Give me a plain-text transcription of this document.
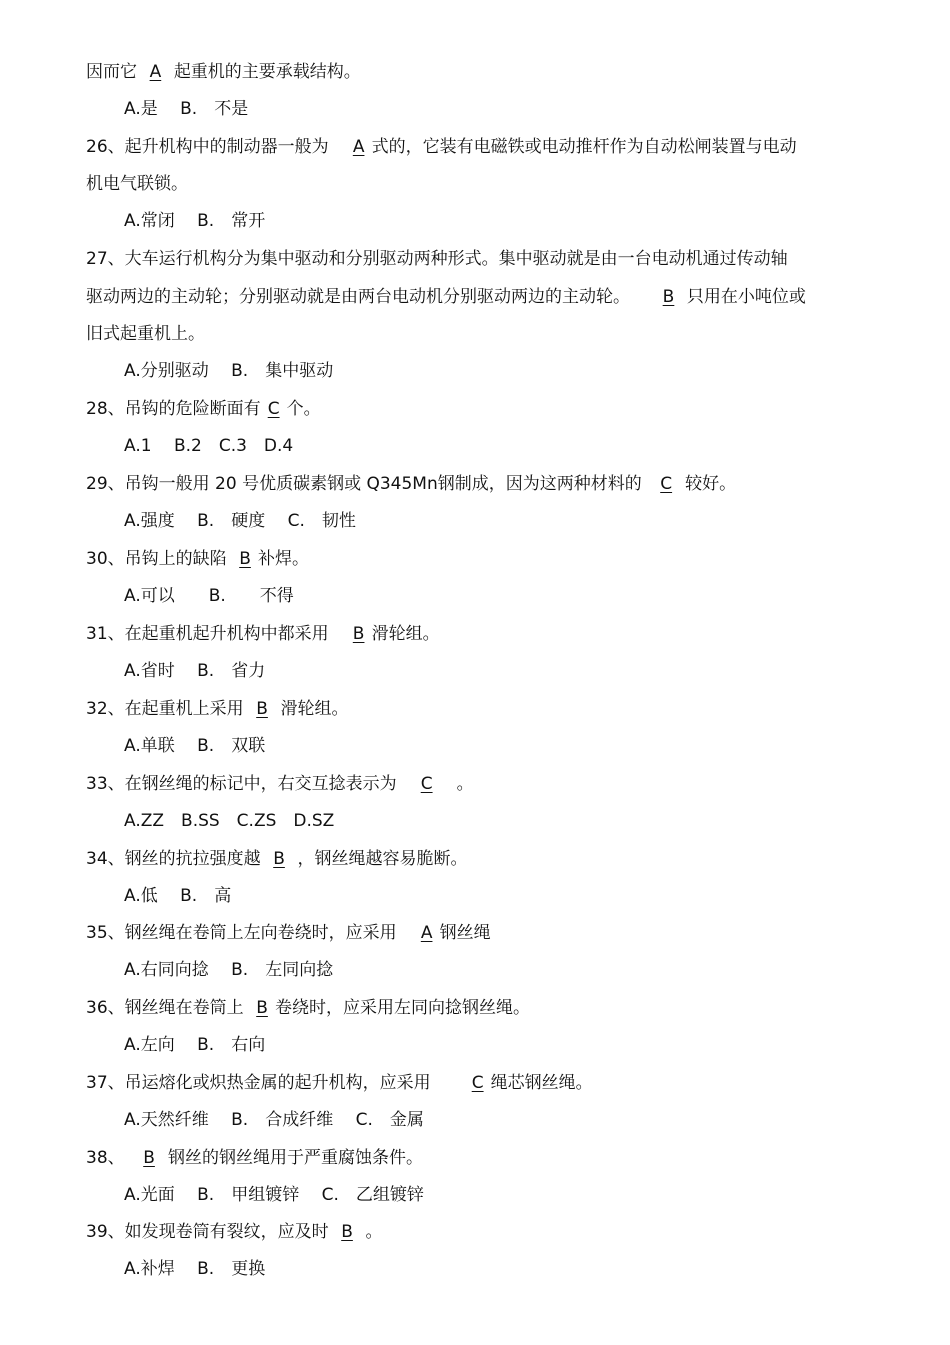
因而它 A 起重机的主要承载结构。
A.是　 B.　不是
26、起升机构中的制动器一般为　A 式的，它装有电磁铁或电动推杆作为自动松闸装置与电动
机电气联锁。
A.常闭　 B.　常开
27、大车运行机构分为集中驱动和分别驱动两种形式。集中驱动就是由一台电动机通过传动轴
驱动两边的主动轮；分别驱动就是由两台电动机分别驱动两边的主动轮。　　B 只用在小吨位或
旧式起重机上。
A.分别驱动　 B.　集中驱动
28、吊钩的危险断面有 C 个。
A.1　 B.2　C.3　D.4
29、吊钩一般用 20 号优质碳素钢或 Q345Mn钢制成，因为这两种材料的 C 较好。
A.强度　 B.　硬度　 C.　韧性
30、吊钩上的缺陷 B 补焊。
A.可以　　B.　　不得
31、在起重机起升机构中都采用　B 滑轮组。
A.省时　 B.　省力
32、在起重机上采用 B 滑轮组。
A.单联　 B.　双联
33、在钢丝绳的标记中，右交互捻表示为　C　 。
A.ZZ　B.SS　C.ZS　D.SZ
34、钢丝的抗拉强度越 B ，钢丝绳越容易脆断。
A.低　 B.　高
35、钢丝绳在卷筒上左向卷绕时，应采用　A 钢丝绳
A.右同向捻　 B.　左同向捻
36、钢丝绳在卷筒上 B 卷绕时，应采用左同向捻钢丝绳。
A.左向　 B.　右向
37、吊运熔化或炽热金属的起升机构，应采用　　C 绳芯钢丝绳。
A.天然纤维　 B.　合成纤维　 C.　金属
38、 B 钢丝的钢丝绳用于严重腐蚀条件。
A.光面　 B.　甲组镀锌　 C.　乙组镀锌
39、如发现卷筒有裂纹，应及时 B 。
A.补焊　 B.　更换
